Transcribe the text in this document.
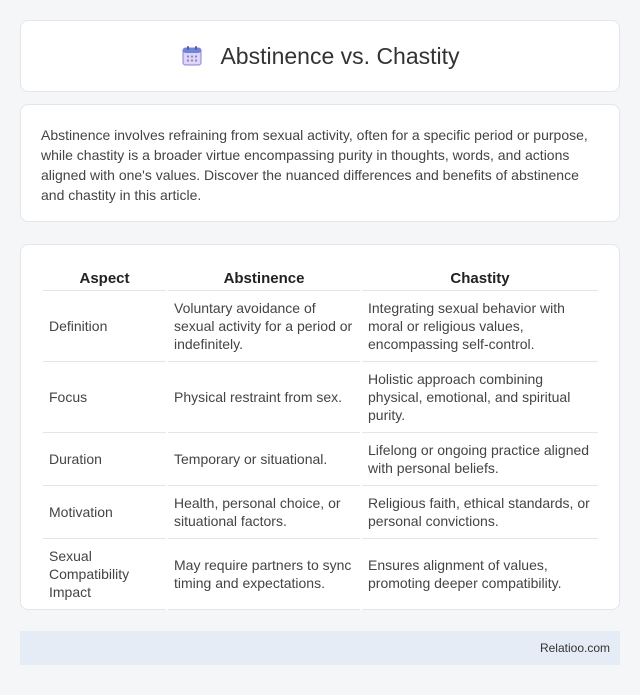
Abstinence vs. Chastity

Abstinence involves refraining from sexual activity, often for a specific period or purpose, while chastity is a broader virtue encompassing purity in thoughts, words, and actions aligned with one's values. Discover the nuanced differences and benefits of abstinence and chastity in this article.

Aspect	Abstinence	Chastity
Definition	Voluntary avoidance of sexual activity for a period or indefinitely.	Integrating sexual behavior with moral or religious values, encompassing self-control.
Focus	Physical restraint from sex.	Holistic approach combining physical, emotional, and spiritual purity.
Duration	Temporary or situational.	Lifelong or ongoing practice aligned with personal beliefs.
Motivation	Health, personal choice, or situational factors.	Religious faith, ethical standards, or personal convictions.
Sexual Compatibility Impact	May require partners to sync timing and expectations.	Ensures alignment of values, promoting deeper compatibility.
Relatioo.com
